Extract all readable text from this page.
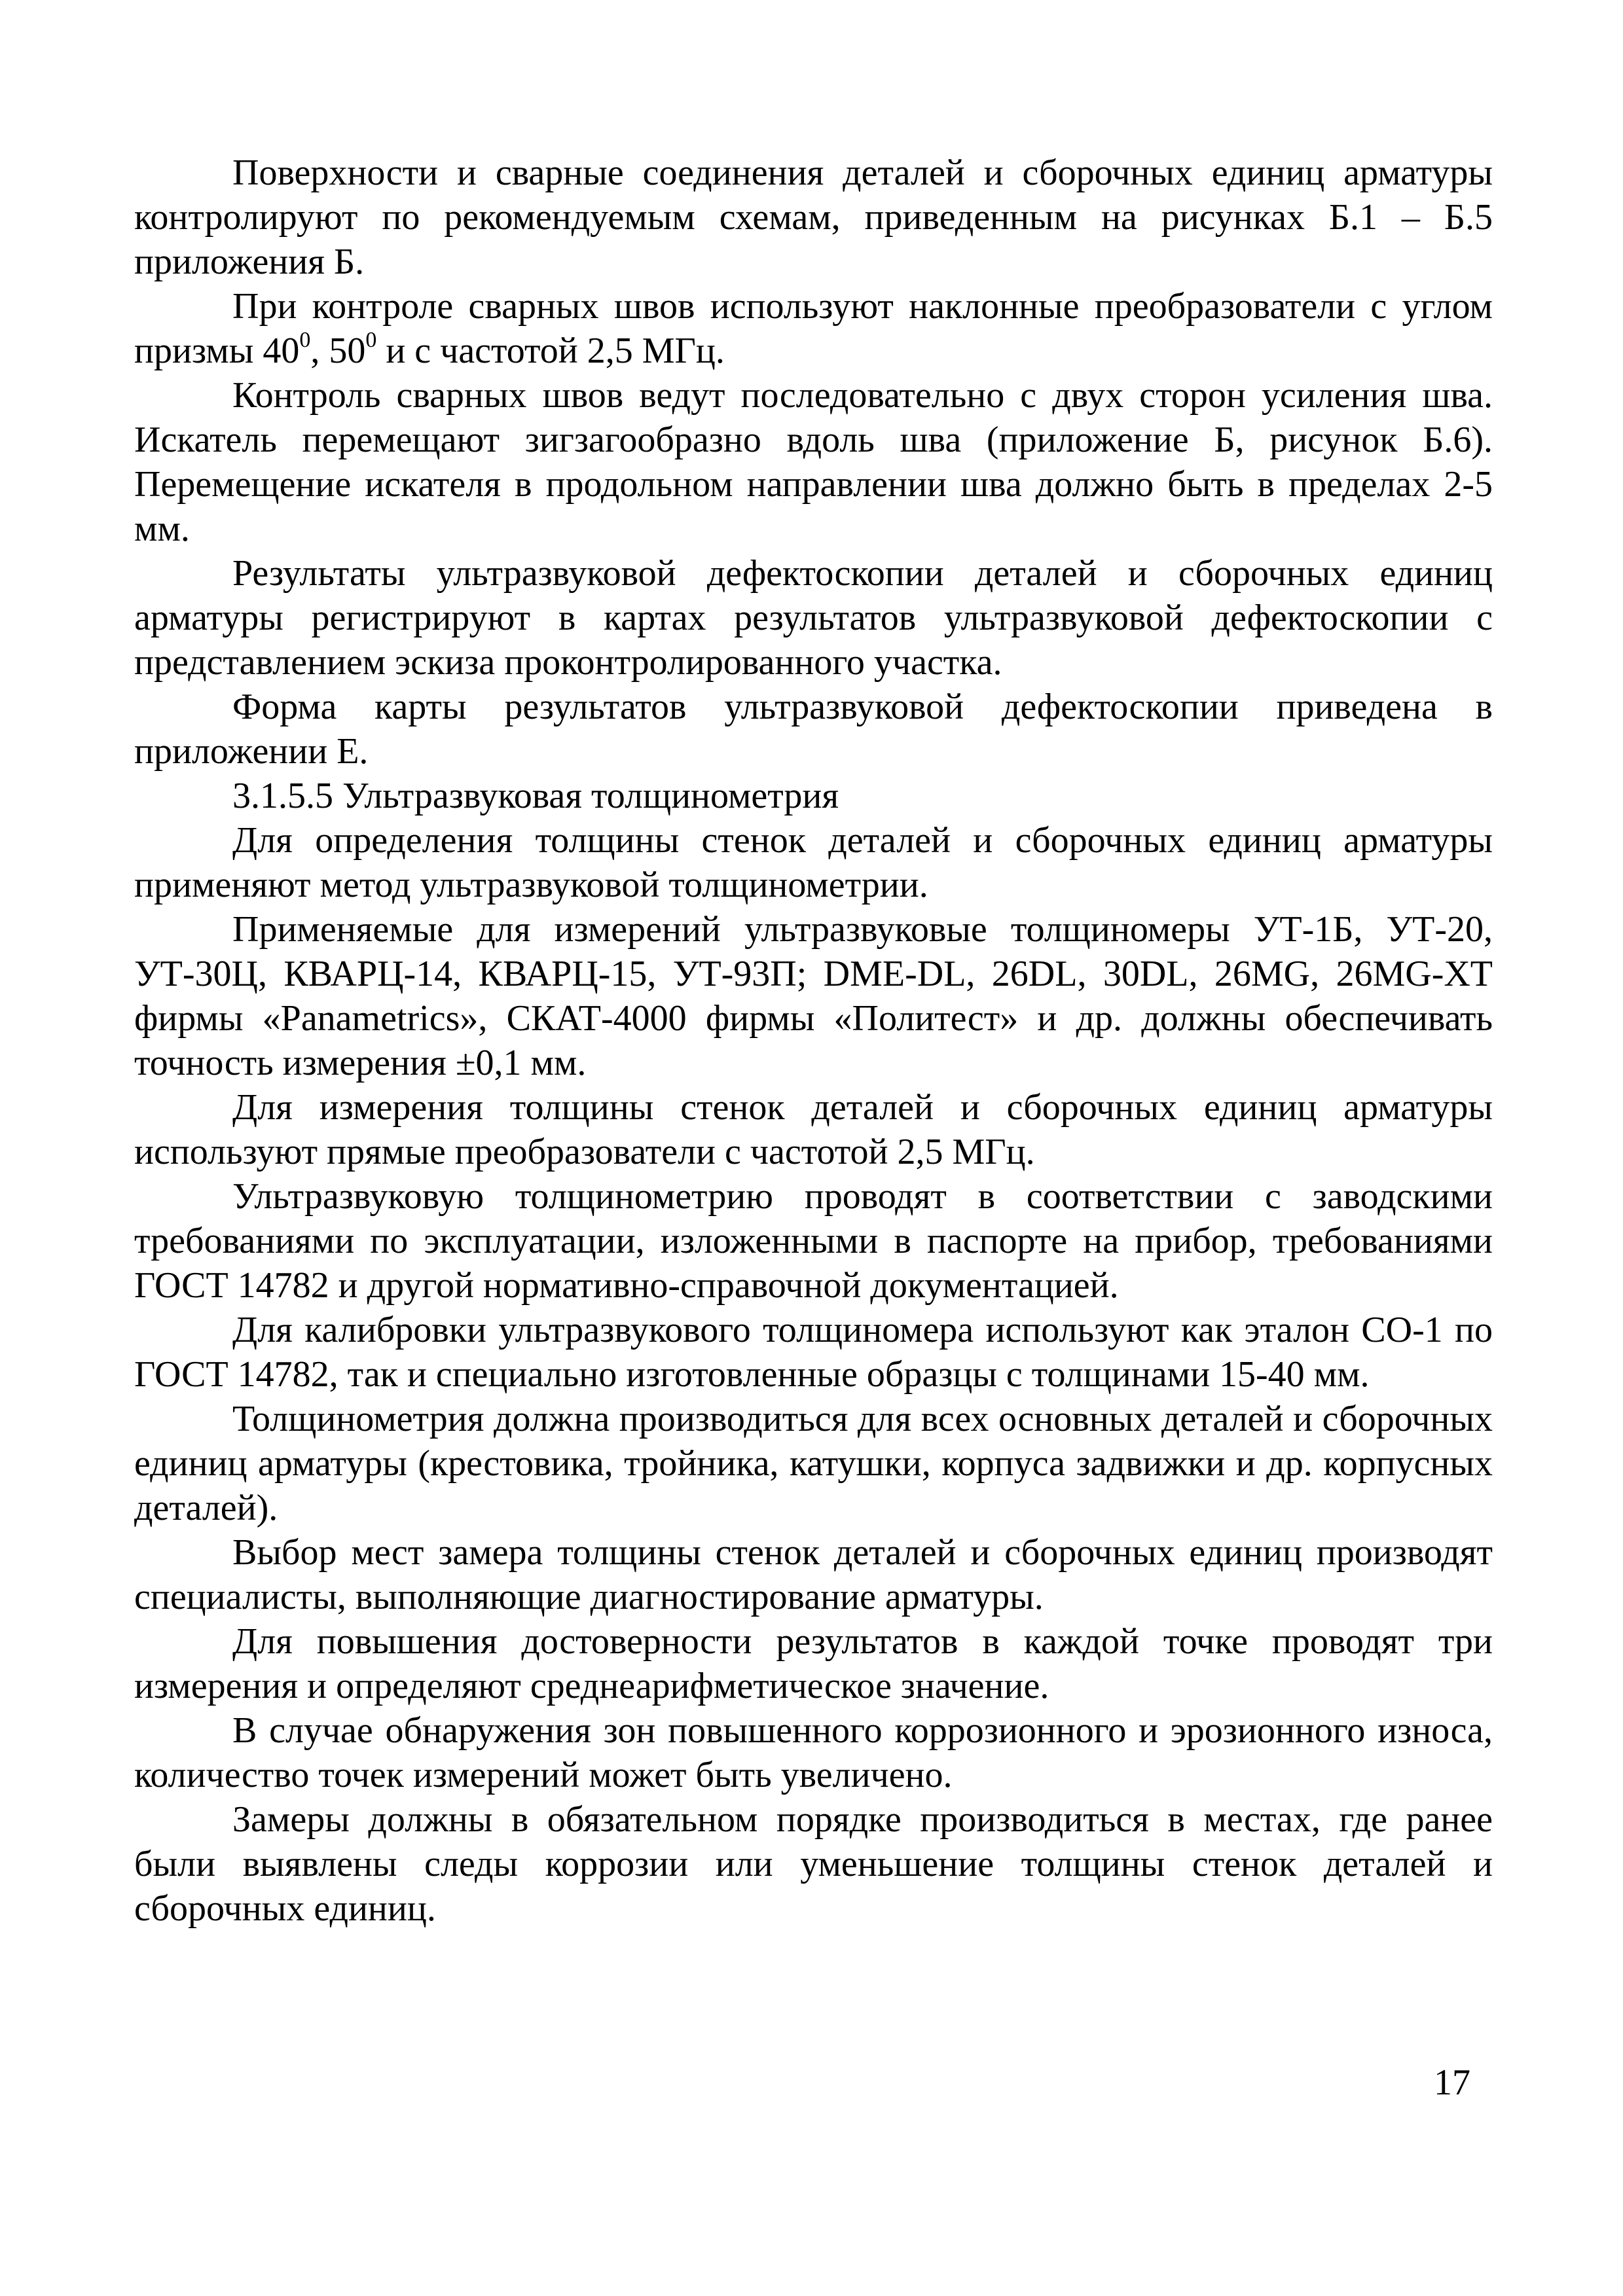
Поверхности и сварные соединения деталей и сборочных единиц арматуры контролируют по рекомендуемым схемам, приведенным на рисунках Б.1 – Б.5 приложения Б.

При контроле сварных швов используют наклонные преобразователи с углом призмы $40^0$, $50^0$ и с частотой 2,5 МГц.

Контроль сварных швов ведут последовательно с двух сторон усиления шва. Искатель перемещают зигзагообразно вдоль шва (приложение Б, рисунок Б.6). Перемещение искателя в продольном направлении шва должно быть в пределах 2-5 мм.

Результаты ультразвуковой дефектоскопии деталей и сборочных единиц арматуры регистрируют в картах результатов ультразвуковой дефектоскопии с представлением эскиза проконтролированного участка.

Форма карты результатов ультразвуковой дефектоскопии приведена в приложении Е.

3.1.5.5 Ультразвуковая толщинометрия

Для определения толщины стенок деталей и сборочных единиц арматуры применяют метод ультразвуковой толщинометрии.

Применяемые для измерений ультразвуковые толщиномеры УТ-1Б, УТ-20, УТ-30Ц, КВАРЦ-14, КВАРЦ-15, УТ-93П; DME-DL, 26DL, 30DL, 26MG, 26MG-XT фирмы «Panametrics», СКАТ-4000 фирмы «Политест» и др. должны обеспечивать точность измерения ±0,1 мм.

Для измерения толщины стенок деталей и сборочных единиц арматуры используют прямые преобразователи с частотой 2,5 МГц.

Ультразвуковую толщинометрию проводят в соответствии с заводскими требованиями по эксплуатации, изложенными в паспорте на прибор, требованиями ГОСТ 14782 и другой нормативно-справочной документацией.

Для калибровки ультразвукового толщиномера используют как эталон СО-1 по ГОСТ 14782, так и специально изготовленные образцы с толщинами 15-40 мм.

Толщинометрия должна производиться для всех основных деталей и сборочных единиц арматуры (крестовика, тройника, катушки, корпуса задвижки и др. корпусных деталей).

Выбор мест замера толщины стенок деталей и сборочных единиц производят специалисты, выполняющие диагностирование арматуры.

Для повышения достоверности результатов в каждой точке проводят три измерения и определяют среднеарифметическое значение.

В случае обнаружения зон повышенного коррозионного и эрозионного износа, количество точек измерений может быть увеличено.

Замеры должны в обязательном порядке производиться в местах, где ранее были выявлены следы коррозии или уменьшение толщины стенок деталей и сборочных единиц.

17
